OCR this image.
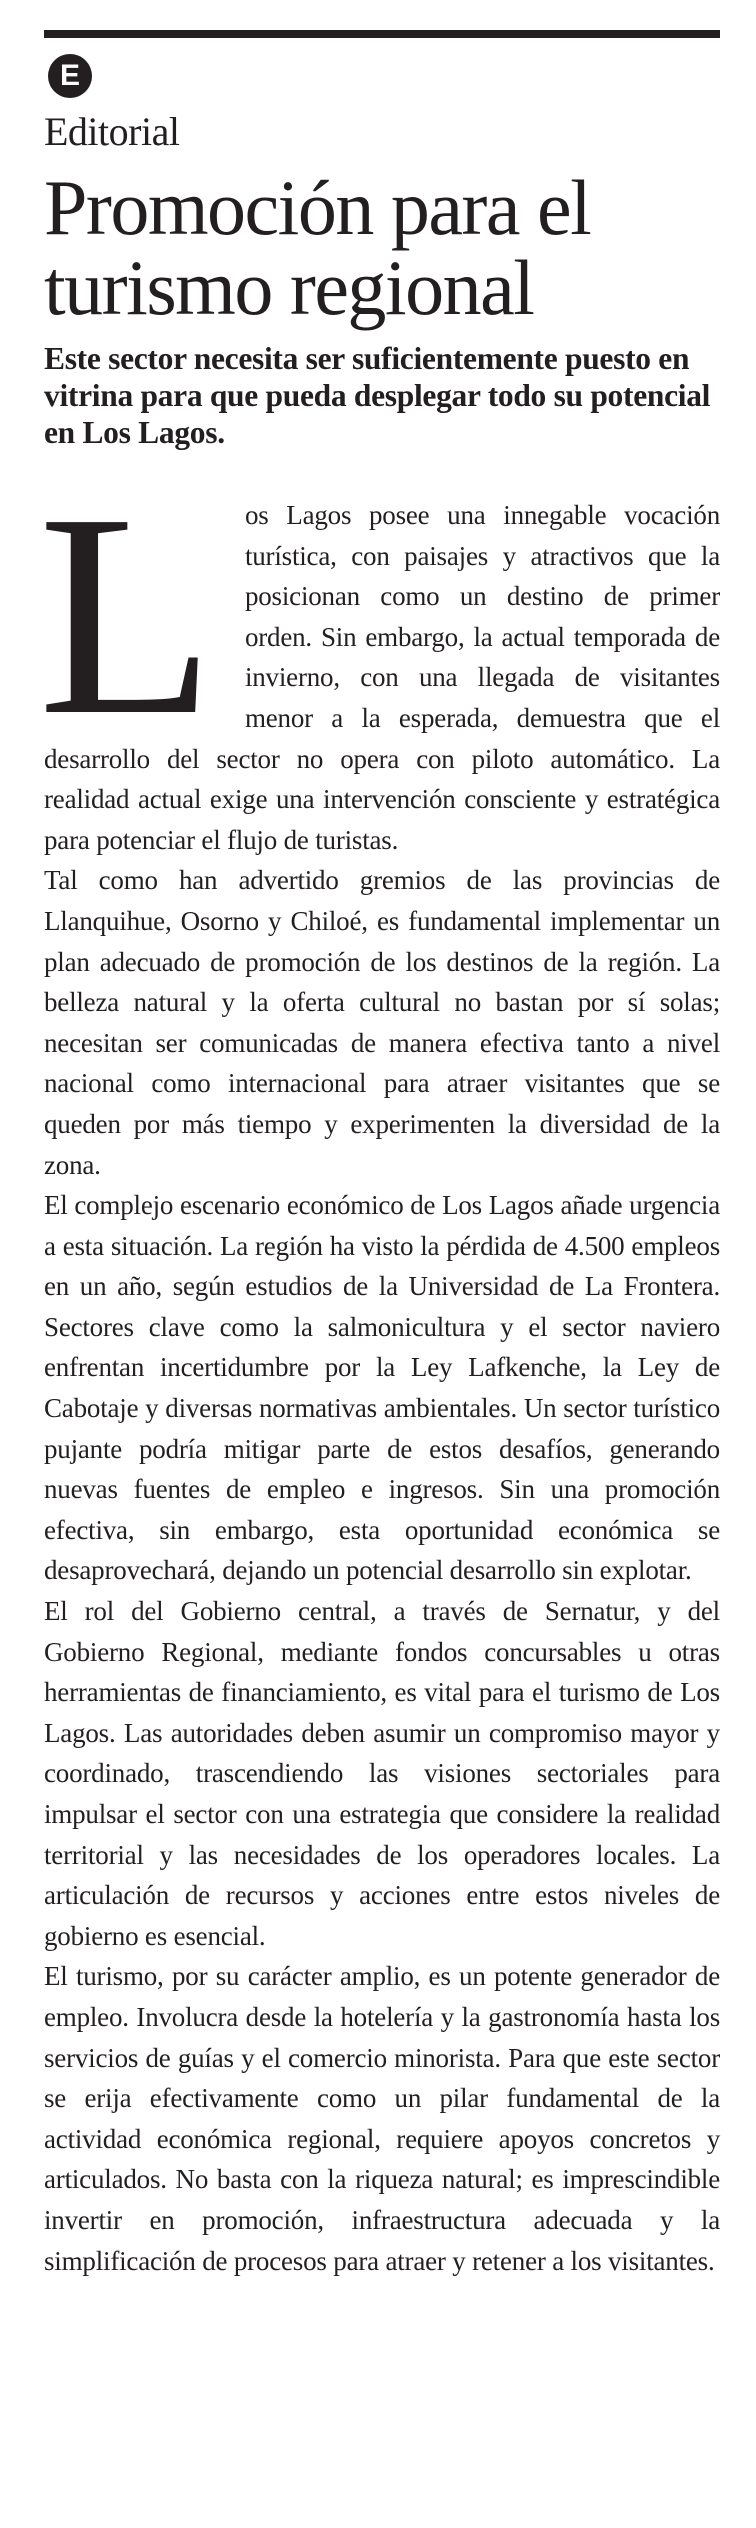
E
Editorial
Promoción para el turismo regional

Este sector necesita ser suficientemente puesto en vitrina para que pueda desplegar todo su potencial en Los Lagos.

L os Lagos posee una innegable vocación turística, con paisajes y atractivos que la posicionan como un destino de primer orden. Sin embargo, la actual temporada de invierno, con una llegada de visitantes menor a la esperada, demuestra que el desarrollo del sector no opera con piloto automático. La realidad actual exige una intervención consciente y estratégica para potenciar el flujo de turistas.

Tal como han advertido gremios de las provincias de Llanquihue, Osorno y Chiloé, es fundamental implementar un plan adecuado de promoción de los destinos de la región. La belleza natural y la oferta cultural no bastan por sí solas; necesitan ser comunicadas de manera efectiva tanto a nivel nacional como internacional para atraer visitantes que se queden por más tiempo y experimenten la diversidad de la zona.

El complejo escenario económico de Los Lagos añade urgencia a esta situación. La región ha visto la pérdida de 4.500 empleos en un año, según estudios de la Universidad de La Frontera. Sectores clave como la salmonicultura y el sector naviero enfrentan incertidumbre por la Ley Lafkenche, la Ley de Cabotaje y diversas normativas ambientales. Un sector turístico pujante podría mitigar parte de estos desafíos, generando nuevas fuentes de empleo e ingresos. Sin una promoción efectiva, sin embargo, esta oportunidad económica se desaprovechará, dejando un potencial desarrollo sin explotar.

El rol del Gobierno central, a través de Sernatur, y del Gobierno Regional, mediante fondos concursables u otras herramientas de financiamiento, es vital para el turismo de Los Lagos. Las autoridades deben asumir un compromiso mayor y coordinado, trascendiendo las visiones sectoriales para impulsar el sector con una estrategia que considere la realidad territorial y las necesidades de los operadores locales. La articulación de recursos y acciones entre estos niveles de gobierno es esencial.

El turismo, por su carácter amplio, es un potente generador de empleo. Involucra desde la hotelería y la gastronomía hasta los servicios de guías y el comercio minorista. Para que este sector se erija efectivamente como un pilar fundamental de la actividad económica regional, requiere apoyos concretos y articulados. No basta con la riqueza natural; es imprescindible invertir en promoción, infraestructura adecuada y la simplificación de procesos para atraer y retener a los visitantes.
